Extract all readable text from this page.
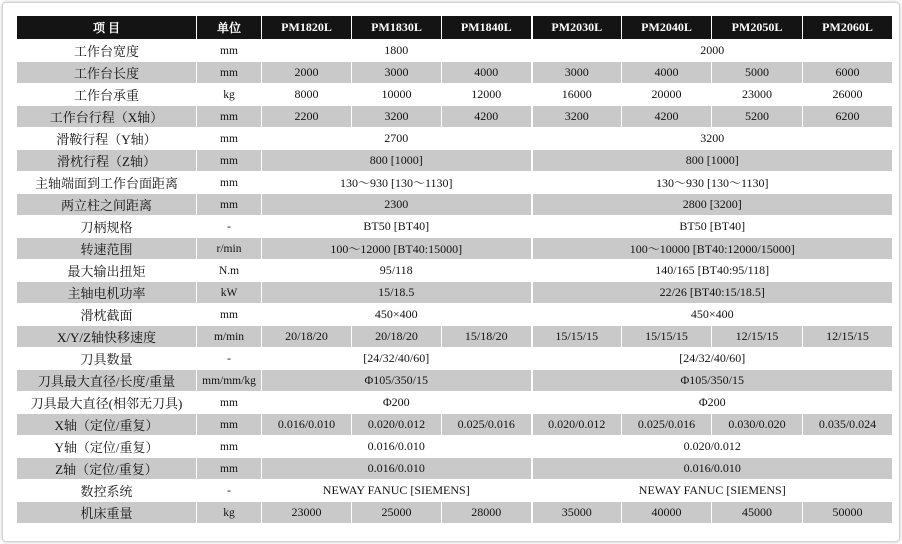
项 目	单位	PM1820L	PM1830L	PM1840L	PM2030L	PM2040L	PM2050L	PM2060L
工作台宽度	mm	1800			2000			
工作台长度	mm	2000	3000	4000	3000	4000	5000	6000
工作台承重	kg	8000	10000	12000	16000	20000	23000	26000
工作台行程（X轴）	mm	2200	3200	4200	3200	4200	5200	6200
滑鞍行程（Y轴）	mm	2700			3200			
滑枕行程（Z轴）	mm	800 [1000]			800 [1000]			
主轴端面到工作台面距离	mm	130～930 [130～1130]			130～930 [130～1130]			
两立柱之间距离	mm	2300			2800 [3200]			
刀柄规格	-	BT50 [BT40]			BT50 [BT40]			
转速范围	r/min	100～12000 [BT40:15000]			100～10000 [BT40:12000/15000]			
最大输出扭矩	N.m	95/118			140/165 [BT40:95/118]			
主轴电机功率	kW	15/18.5			22/26 [BT40:15/18.5]			
滑枕截面	mm	450×400			450×400			
X/Y/Z轴快移速度	m/min	20/18/20	20/18/20	15/18/20	15/15/15	15/15/15	12/15/15	12/15/15
刀具数量	-	[24/32/40/60]			[24/32/40/60]			
刀具最大直径/长度/重量	mm/mm/kg	Φ105/350/15			Φ105/350/15			
刀具最大直径(相邻无刀具)	mm	Φ200			Φ200			
X轴（定位/重复）	mm	0.016/0.010	0.020/0.012	0.025/0.016	0.020/0.012	0.025/0.016	0.030/0.020	0.035/0.024
Y轴（定位/重复）	mm	0.016/0.010			0.020/0.012			
Z轴（定位/重复）	mm	0.016/0.010			0.016/0.010			
数控系统	-	NEWAY FANUC [SIEMENS]			NEWAY FANUC [SIEMENS]			
机床重量	kg	23000	25000	28000	35000	40000	45000	50000
